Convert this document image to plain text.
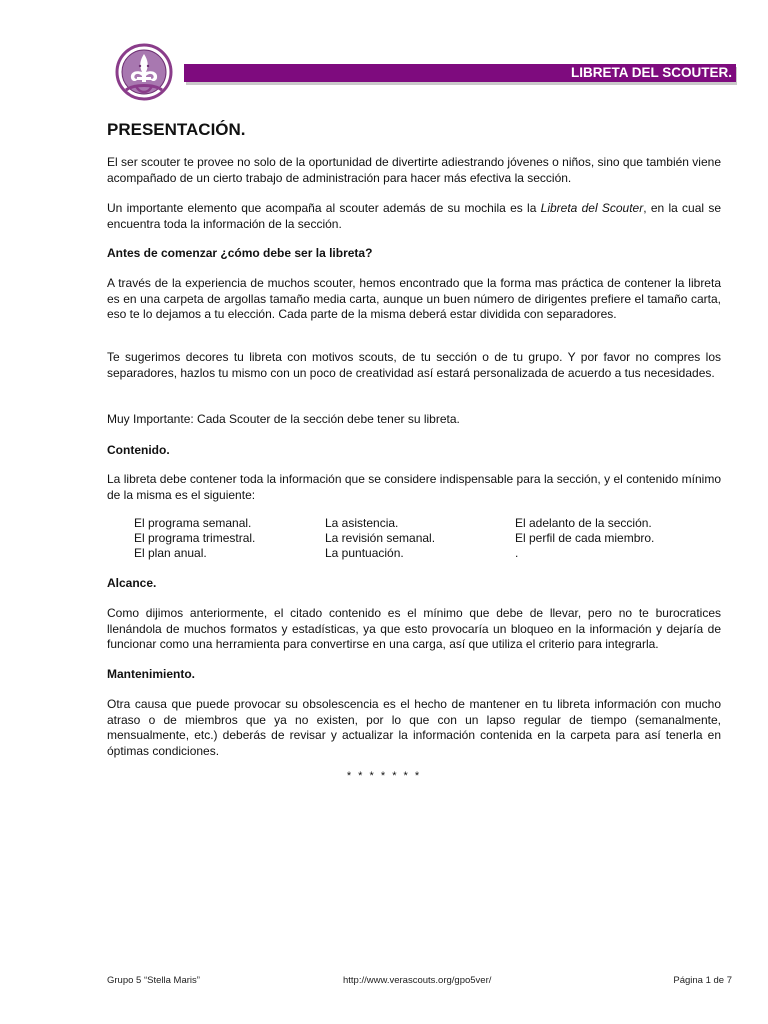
LIBRETA DEL SCOUTER.
PRESENTACIÓN.

El ser scouter te provee no solo de la oportunidad de divertirte adiestrando jóvenes o niños, sino que también viene acompañado de un cierto trabajo de administración para hacer más efectiva la sección.

Un importante elemento que acompaña al scouter además de su mochila es la Libreta del Scouter, en la cual se encuentra toda la información de la sección.

Antes de comenzar ¿cómo debe ser la libreta?

A través de la experiencia de muchos scouter, hemos encontrado que la forma mas práctica de contener la libreta es en una carpeta de argollas tamaño media carta, aunque un buen número de dirigentes prefiere el tamaño carta, eso te lo dejamos a tu elección. Cada parte de la misma deberá estar dividida con separadores.

Te sugerimos decores tu libreta con motivos scouts, de tu sección o de tu grupo. Y por favor no compres los separadores, hazlos tu mismo con un poco de creatividad así estará personalizada de acuerdo a tus necesidades.

Muy Importante: Cada Scouter de la sección debe tener su libreta.

Contenido.

La libreta debe contener toda la información que se considere indispensable para la sección, y el contenido mínimo de la misma es el siguiente:

El programa semanal.
El programa trimestral.
El plan anual.
La asistencia.
La revisión semanal.
La puntuación.
El adelanto de la sección.
El perfil de cada miembro.
.
Alcance.

Como dijimos anteriormente, el citado contenido es el mínimo que debe de llevar, pero no te burocratices llenándola de muchos formatos y estadísticas, ya que esto provocaría un bloqueo en la información y dejaría de funcionar como una herramienta para convertirse en una carga, así que utiliza el criterio para integrarla.

Mantenimiento.

Otra causa que puede provocar su obsolescencia es el hecho de mantener en tu libreta información con mucho atraso o de miembros que ya no existen, por lo que con un lapso regular de tiempo (semanalmente, mensualmente, etc.) deberás de revisar y actualizar la información contenida en la carpeta para así tenerla en óptimas condiciones.

* * * * * * *
Grupo 5 “Stella Maris”	http://www.verascouts.org/gpo5ver/	Página 1 de 7
